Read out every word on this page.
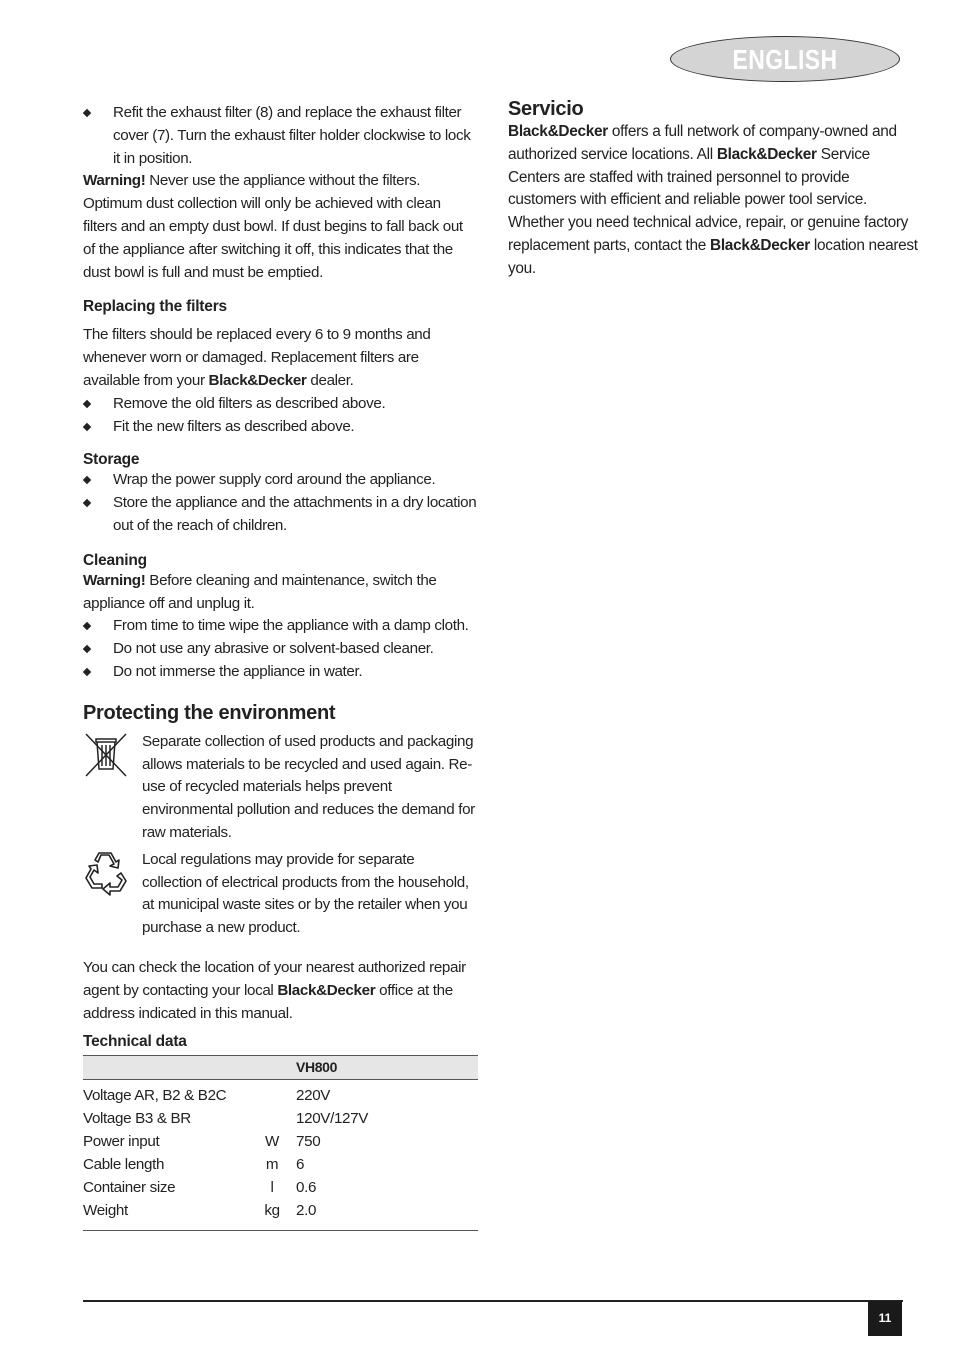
ENGLISH
Refit the exhaust filter (8) and replace the exhaust filter cover (7). Turn the exhaust filter holder clockwise to lock it in position.

Warning! Never use the appliance without the filters. Optimum dust collection will only be achieved with clean filters and an empty dust bowl. If dust begins to fall back out of the appliance after switching it off, this indicates that the dust bowl is full and must be emptied.

Replacing the filters

The filters should be replaced every 6 to 9 months and whenever worn or damaged. Replacement filters are available from your Black&Decker dealer.

Remove the old filters as described above.
Fit the new filters as described above.

Storage

Wrap the power supply cord around the appliance.
Store the appliance and the attachments in a dry location out of the reach of children.

Cleaning

Warning! Before cleaning and maintenance, switch the appliance off and unplug it.

From time to time wipe the appliance with a damp cloth.
Do not use any abrasive or solvent-based cleaner.
Do not immerse the appliance in water.

Protecting the environment

Separate collection of used products and packaging allows materials to be recycled and used again. Re-use of recycled materials helps prevent environmental pollution and reduces the demand for raw materials.

Local regulations may provide for separate collection of electrical products from the household, at municipal waste sites or by the retailer when you purchase a new product.

You can check the location of your nearest authorized repair agent by contacting your local Black&Decker office at the address indicated in this manual.

Technical data

		VH800

Voltage AR, B2 & B2C		220V
Voltage B3 & BR		120V/127V
Power input	W	750
Cable length	m	6
Container size	l	0.6
Weight	kg	2.0

Servicio

Black&Decker offers a full network of company-owned and authorized service locations. All Black&Decker Service Centers are staffed with trained personnel to provide customers with efficient and reliable power tool service. Whether you need technical advice, repair, or genuine factory replacement parts, contact the Black&Decker location nearest you.

11
